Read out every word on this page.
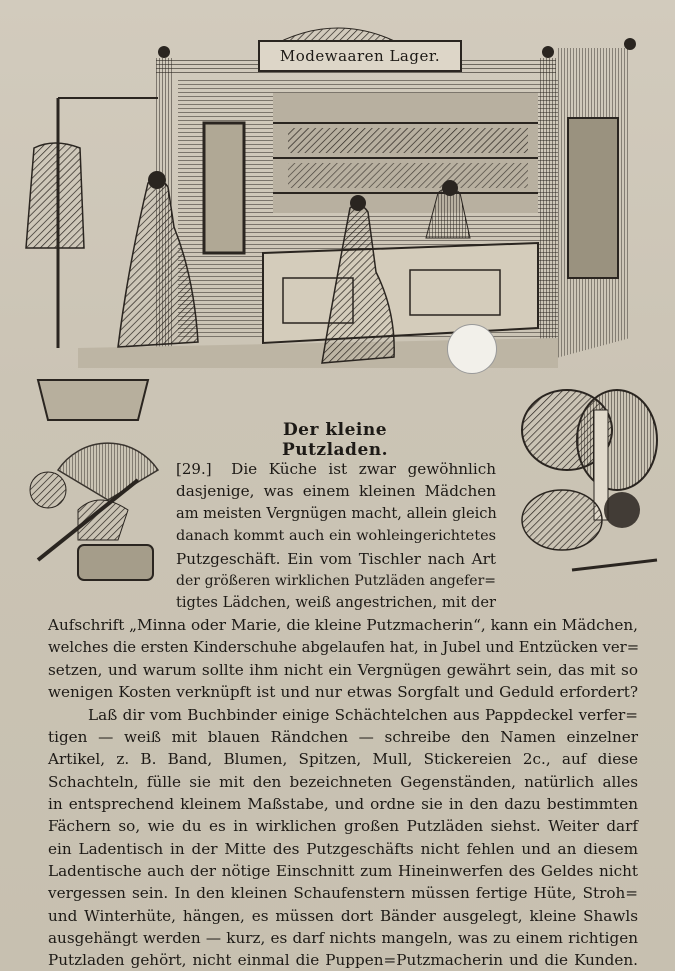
Modewaaren Lager.
Der kleine Putzladen.
[29.] Die Küche ist zwar gewöhnlich
dasjenige, was einem kleinen Mädchen
am meisten Vergnügen macht, allein gleich
danach kommt auch ein wohleingerichtetes
Putzgeschäft. Ein vom Tischler nach Art
der größeren wirklichen Putzläden angefer=
tigtes Lädchen, weiß angestrichen, mit der
Aufschrift „Minna oder Marie, die kleine Putzmacherin“, kann ein Mädchen,
welches die ersten Kinderschuhe abgelaufen hat, in Jubel und Entzücken ver=
setzen, und warum sollte ihm nicht ein Vergnügen gewährt sein, das mit so
wenigen Kosten verknüpft ist und nur etwas Sorgfalt und Geduld erfordert?
Laß dir vom Buchbinder einige Schächtelchen aus Pappdeckel verfer=
tigen — weiß mit blauen Rändchen — schreibe den Namen einzelner
Artikel, z. B. Band, Blumen, Spitzen, Mull, Stickereien 2c., auf diese
Schachteln, fülle sie mit den bezeichneten Gegenständen, natürlich alles
in entsprechend kleinem Maßstabe, und ordne sie in den dazu bestimmten
Fächern so, wie du es in wirklichen großen Putzläden siehst. Weiter darf
ein Ladentisch in der Mitte des Putzgeschäfts nicht fehlen und an diesem
Ladentische auch der nötige Einschnitt zum Hineinwerfen des Geldes nicht
vergessen sein. In den kleinen Schaufenstern müssen fertige Hüte, Stroh=
und Winterhüte, hängen, es müssen dort Bänder ausgelegt, kleine Shawls
ausgehängt werden — kurz, es darf nichts mangeln, was zu einem richtigen
Putzladen gehört, nicht einmal die Puppen=Putzmacherin und die Kunden.
